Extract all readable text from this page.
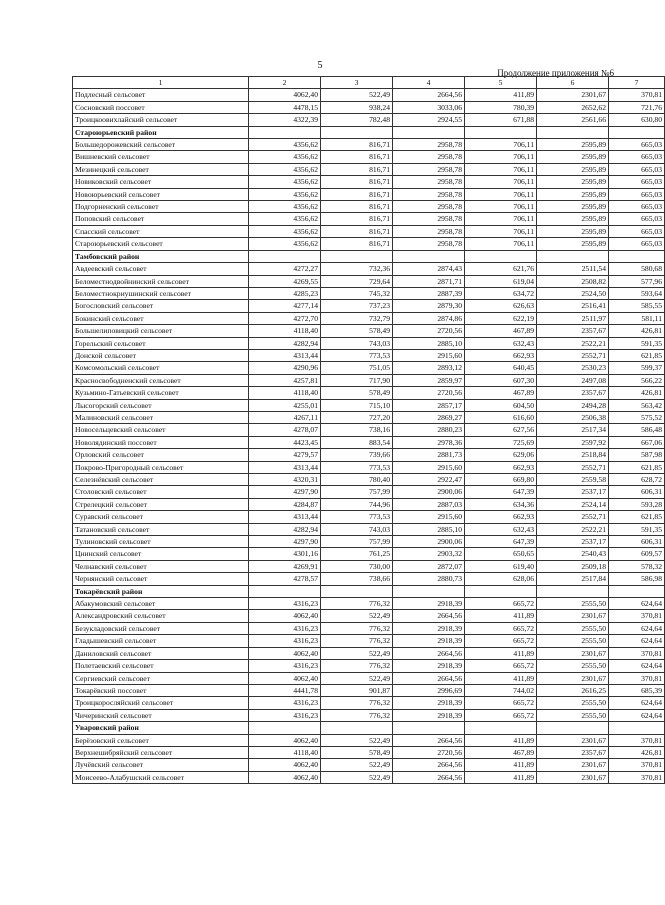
5
Продолжение приложения №6
1	2	3	4	5	6	7
Подлесный сельсовет	4062,40	522,49	2664,56	411,89	2301,67	370,81
Сосновский поссовет	4478,15	938,24	3033,06	780,39	2652,62	721,76
Троицкоовихлайский сельсовет	4322,39	782,48	2924,55	671,88	2561,66	630,80
Староюрьевский район						
Большедорожевский сельсовет	4356,62	816,71	2958,78	706,11	2595,89	665,03
Вишневский сельсовет	4356,62	816,71	2958,78	706,11	2595,89	665,03
Мезинецкий сельсовет	4356,62	816,71	2958,78	706,11	2595,89	665,03
Новиковский сельсовет	4356,62	816,71	2958,78	706,11	2595,89	665,03
Новоюрьевский сельсовет	4356,62	816,71	2958,78	706,11	2595,89	665,03
Подгорненский сельсовет	4356,62	816,71	2958,78	706,11	2595,89	665,03
Поповский сельсовет	4356,62	816,71	2958,78	706,11	2595,89	665,03
Спасский сельсовет	4356,62	816,71	2958,78	706,11	2595,89	665,03
Староюрьевский сельсовет	4356,62	816,71	2958,78	706,11	2595,89	665,03
Тамбовский район						
Авдеевский сельсовет	4272,27	732,36	2874,43	621,76	2511,54	580,68
Беломестнодвойнинский сельсовет	4269,55	729,64	2871,71	619,04	2508,82	577,96
Беломестнокриушинский сельсовет	4285,23	745,32	2887,39	634,72	2524,50	593,64
Богословский сельсовет	4277,14	737,23	2879,30	626,63	2516,41	585,55
Бокинский сельсовет	4272,70	732,79	2874,86	622,19	2511,97	581,11
Большелиповицкий сельсовет	4118,40	578,49	2720,56	467,89	2357,67	426,81
Горельский сельсовет	4282,94	743,03	2885,10	632,43	2522,21	591,35
Донской сельсовет	4313,44	773,53	2915,60	662,93	2552,71	621,85
Комсомольский сельсовет	4290,96	751,05	2893,12	640,45	2530,23	599,37
Красносвободненский сельсовет	4257,81	717,90	2859,97	607,30	2497,08	566,22
Кузьмино-Гатьевский сельсовет	4118,40	578,49	2720,56	467,89	2357,67	426,81
Лысогорский сельсовет	4255,01	715,10	2857,17	604,50	2494,28	563,42
Малиновский сельсовет	4267,11	727,20	2869,27	616,60	2506,38	575,52
Новосельцевский сельсовет	4278,07	738,16	2880,23	627,56	2517,34	586,48
Новолядинский поссовет	4423,45	883,54	2978,36	725,69	2597,92	667,06
Орловский сельсовет	4279,57	739,66	2881,73	629,06	2518,84	587,98
Покрово-Пригородный сельсовет	4313,44	773,53	2915,60	662,93	2552,71	621,85
Селезнёвский сельсовет	4320,31	780,40	2922,47	669,80	2559,58	628,72
Столовский сельсовет	4297,90	757,99	2900,06	647,39	2537,17	606,31
Стрелецкий сельсовет	4284,87	744,96	2887,03	634,36	2524,14	593,28
Суравский сельсовет	4313,44	773,53	2915,60	662,93	2552,71	621,85
Татановский сельсовет	4282,94	743,03	2885,10	632,43	2522,21	591,35
Тулиновский сельсовет	4297,90	757,99	2900,06	647,39	2537,17	606,31
Цнинский сельсовет	4301,16	761,25	2903,32	650,65	2540,43	609,57
Челнавский сельсовет	4269,91	730,00	2872,07	619,40	2509,18	578,32
Чернянский сельсовет	4278,57	738,66	2880,73	628,06	2517,84	586,98
Токарёвский район						
Абакумовский сельсовет	4316,23	776,32	2918,39	665,72	2555,50	624,64
Александровский сельсовет	4062,40	522,49	2664,56	411,89	2301,67	370,81
Безукладовский сельсовет	4316,23	776,32	2918,39	665,72	2555,50	624,64
Гладышевский сельсовет	4316,23	776,32	2918,39	665,72	2555,50	624,64
Даниловский сельсовет	4062,40	522,49	2664,56	411,89	2301,67	370,81
Полетаевский сельсовет	4316,23	776,32	2918,39	665,72	2555,50	624,64
Сергиевский сельсовет	4062,40	522,49	2664,56	411,89	2301,67	370,81
Токарёвский поссовет	4441,78	901,87	2996,69	744,02	2616,25	685,39
Троицкоросляйский сельсовет	4316,23	776,32	2918,39	665,72	2555,50	624,64
Чичеринский сельсовет	4316,23	776,32	2918,39	665,72	2555,50	624,64
Уваровский район						
Берёзовский сельсовет	4062,40	522,49	2664,56	411,89	2301,67	370,81
Верхнешибряйский сельсовет	4118,40	578,49	2720,56	467,89	2357,67	426,81
Лучёвский сельсовет	4062,40	522,49	2664,56	411,89	2301,67	370,81
Моисеево-Алабушский сельсовет	4062,40	522,49	2664,56	411,89	2301,67	370,81
